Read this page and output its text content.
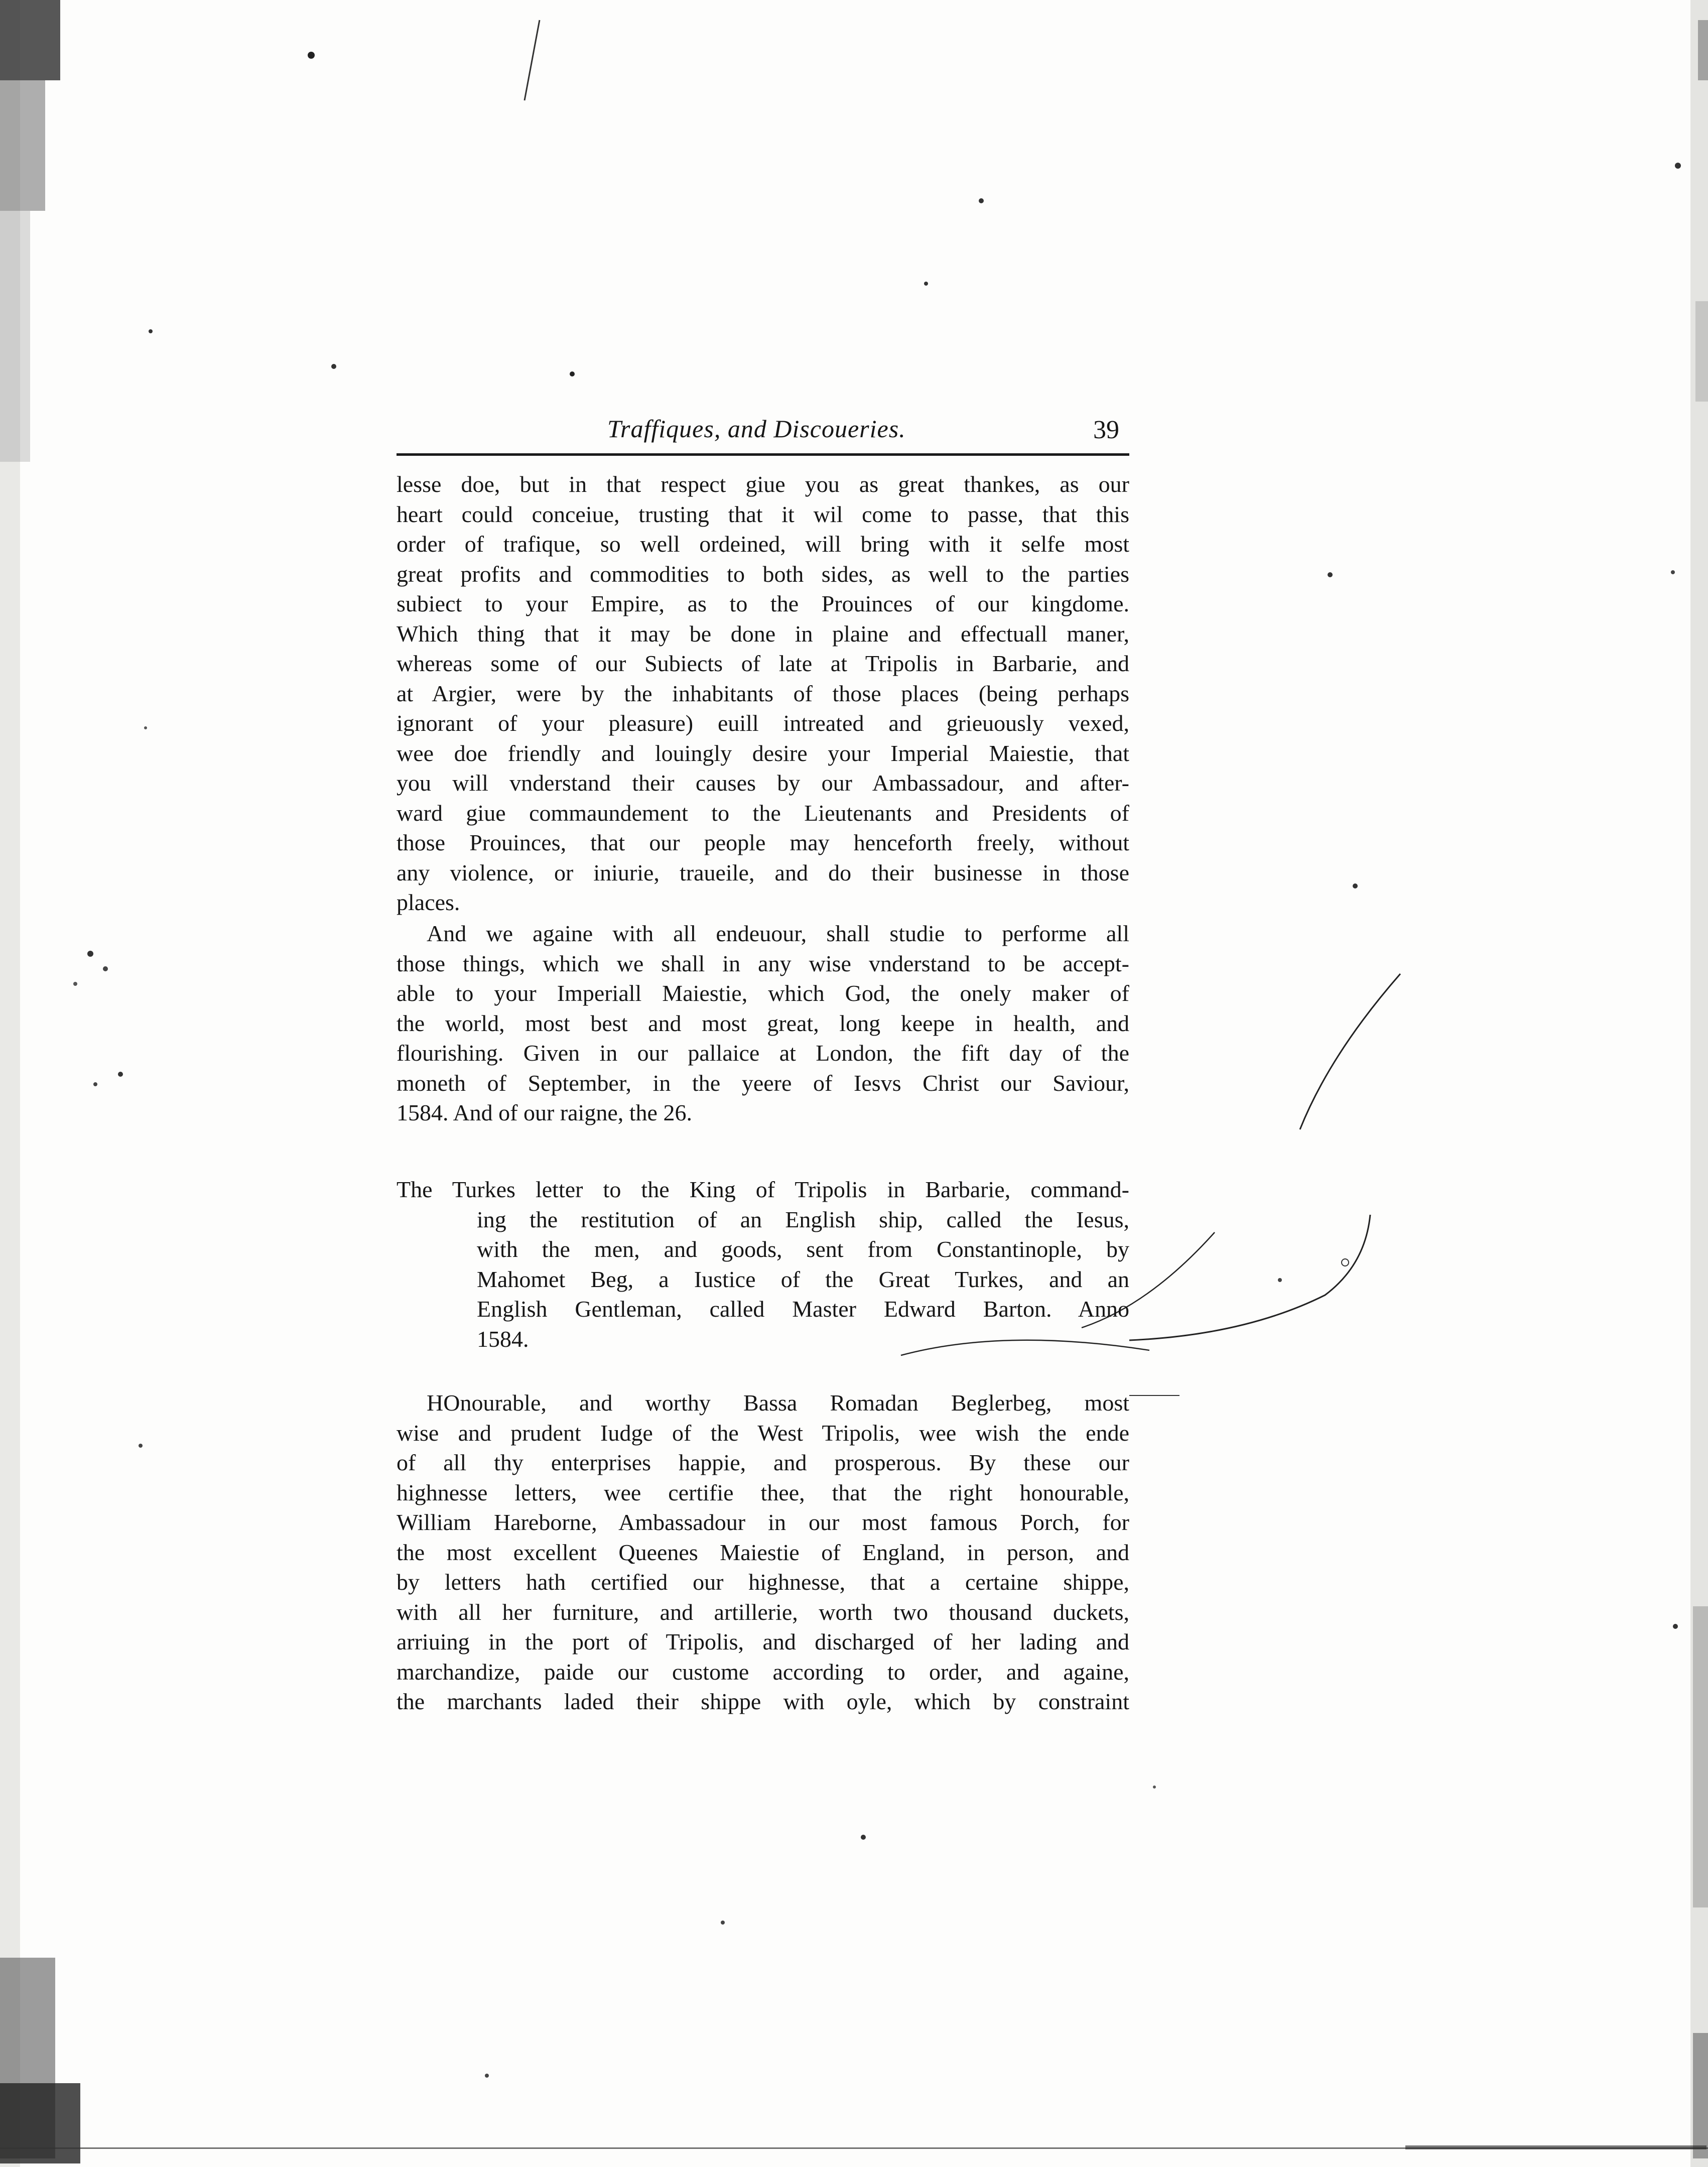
Traffiques, and Discoueries.	39
lesse doe, but in that respect giue you as great thankes, as our
heart could conceiue, trusting that it wil come to passe, that this
order of trafique, so well ordeined, will bring with it selfe most
great profits and commodities to both sides, as well to the parties
subiect to your Empire, as to the Prouinces of our kingdome.
Which thing that it may be done in plaine and effectuall maner,
whereas some of our Subiects of late at Tripolis in Barbarie, and
at Argier, were by the inhabitants of those places (being perhaps
ignorant of your pleasure) euill intreated and grieuously vexed,
wee doe friendly and louingly desire your Imperial Maiestie, that
you will vnderstand their causes by our Ambassadour, and after-
ward giue commaundement to the Lieutenants and Presidents of
those Prouinces, that our people may henceforth freely, without
any violence, or iniurie, traueile, and do their businesse in those
places.
And we againe with all endeuour, shall studie to performe all
those things, which we shall in any wise vnderstand to be accept-
able to your Imperiall Maiestie, which God, the onely maker of
the world, most best and most great, long keepe in health, and
flourishing. Given in our pallaice at London, the fift day of the
moneth of September, in the yeere of Iesvs Christ our Saviour,
1584. And of our raigne, the 26.
The Turkes letter to the King of Tripolis in Barbarie, command-
ing the restitution of an English ship, called the Iesus,
with the men, and goods, sent from Constantinople, by
Mahomet Beg, a Iustice of the Great Turkes, and an
English Gentleman, called Master Edward Barton. Anno
1584.
HOnourable, and worthy Bassa Romadan Beglerbeg, most
wise and prudent Iudge of the West Tripolis, wee wish the ende
of all thy enterprises happie, and prosperous. By these our
highnesse letters, wee certifie thee, that the right honourable,
William Hareborne, Ambassadour in our most famous Porch, for
the most excellent Queenes Maiestie of England, in person, and
by letters hath certified our highnesse, that a certaine shippe,
with all her furniture, and artillerie, worth two thousand duckets,
arriuing in the port of Tripolis, and discharged of her lading and
marchandize, paide our custome according to order, and againe,
the marchants laded their shippe with oyle, which by constraint
